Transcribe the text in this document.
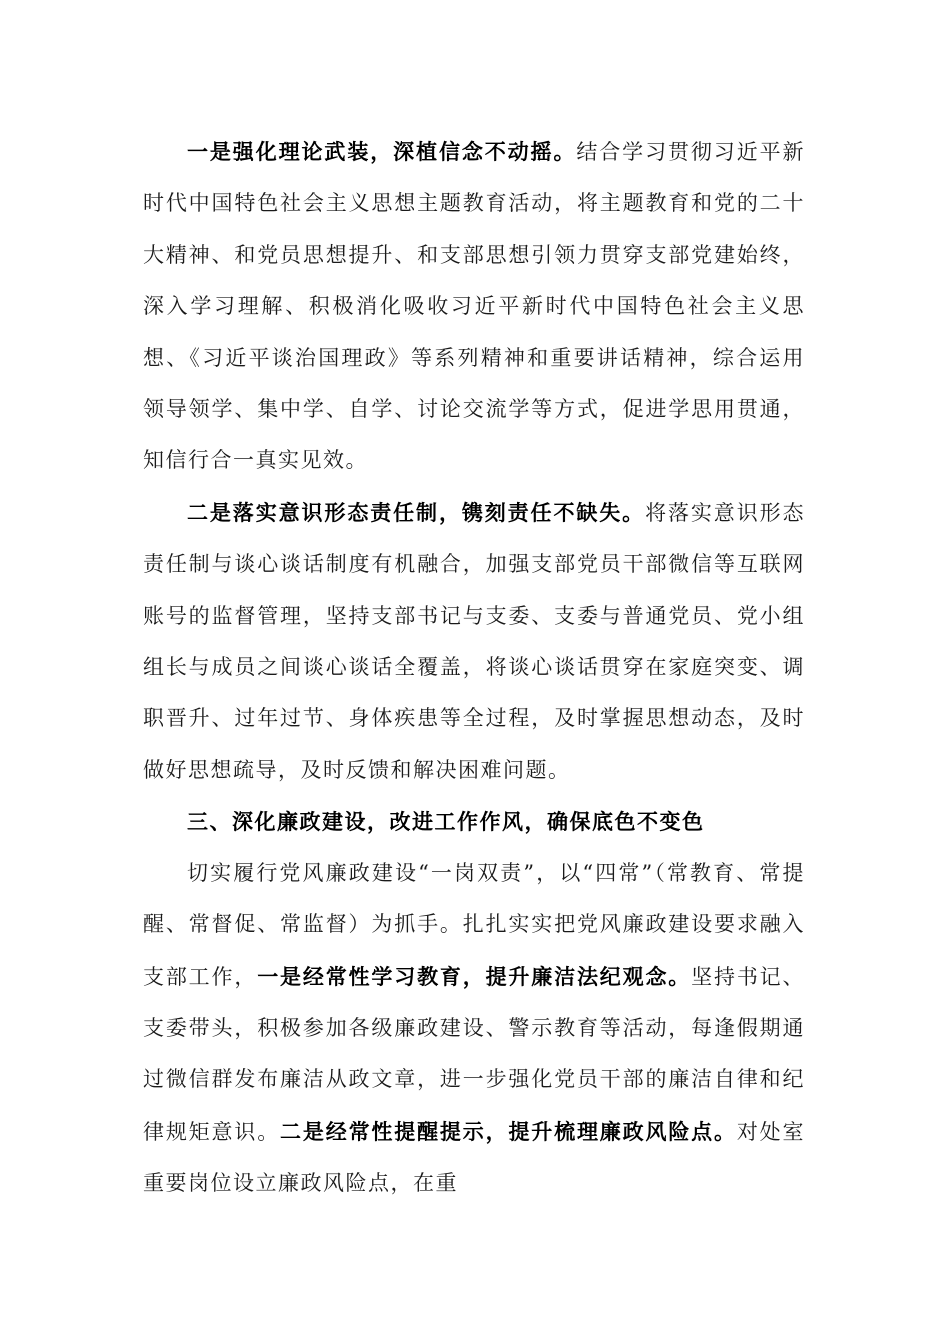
一是强化理论武装，深植信念不动摇。结合学习贯彻习近平新时代中国特色社会主义思想主题教育活动，将主题教育和党的二十大精神、和党员思想提升、和支部思想引领力贯穿支部党建始终，深入学习理解、积极消化吸收习近平新时代中国特色社会主义思想、《习近平谈治国理政》等系列精神和重要讲话精神，综合运用领导领学、集中学、自学、讨论交流学等方式，促进学思用贯通，知信行合一真实见效。

二是落实意识形态责任制，镌刻责任不缺失。将落实意识形态责任制与谈心谈话制度有机融合，加强支部党员干部微信等互联网账号的监督管理，坚持支部书记与支委、支委与普通党员、党小组组长与成员之间谈心谈话全覆盖，将谈心谈话贯穿在家庭突变、调职晋升、过年过节、身体疾患等全过程，及时掌握思想动态，及时做好思想疏导，及时反馈和解决困难问题。

三、深化廉政建设，改进工作作风，确保底色不变色

切实履行党风廉政建设“一岗双责”，以“四常”（常教育、常提醒、常督促、常监督）为抓手。扎扎实实把党风廉政建设要求融入支部工作，一是经常性学习教育，提升廉洁法纪观念。坚持书记、支委带头，积极参加各级廉政建设、警示教育等活动，每逢假期通过微信群发布廉洁从政文章，进一步强化党员干部的廉洁自律和纪律规矩意识。二是经常性提醒提示，提升梳理廉政风险点。对处室重要岗位设立廉政风险点，在重
